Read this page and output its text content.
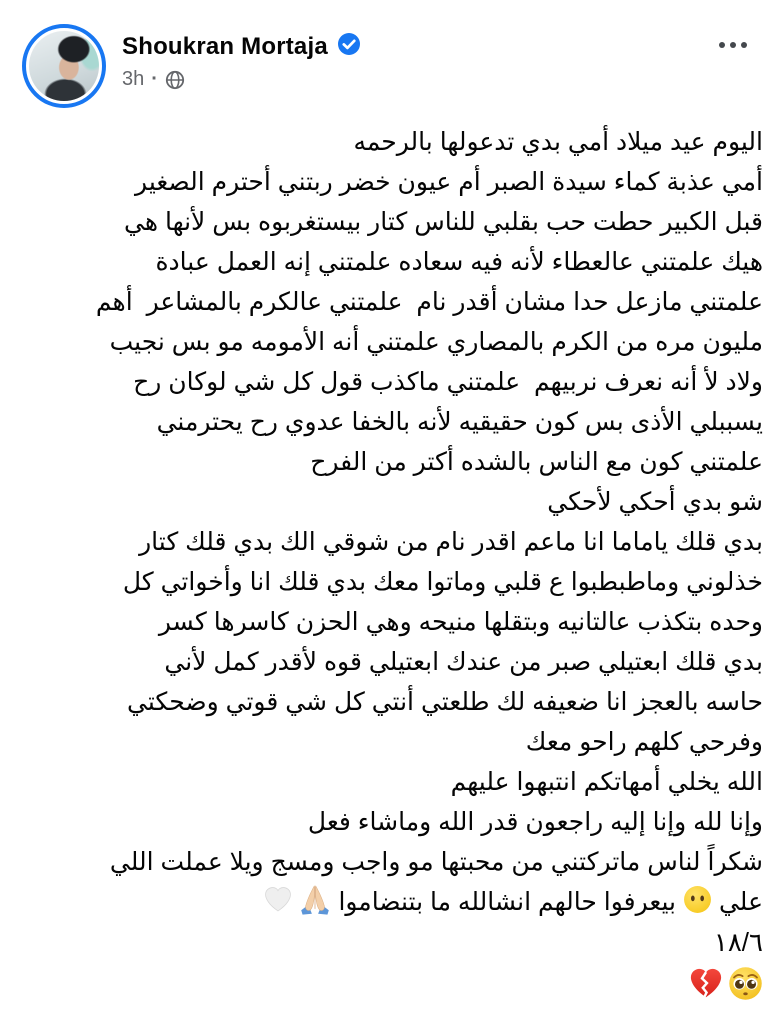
Shoukran Mortaja
3h ·
اليوم عيد ميلاد أمي بدي تدعولها بالرحمه
أمي عذبة كماء سيدة الصبر أم عيون خضر ربتني أحترم الصغير
قبل الكبير حطت حب بقلبي للناس كتار بيستغربوه بس لأنها هي
هيك علمتني عالعطاء لأنه فيه سعاده علمتني إنه العمل عبادة
علمتني مازعل حدا مشان أقدر نام  علمتني عالكرم بالمشاعر  أهم
مليون مره من الكرم بالمصاري علمتني أنه الأمومه مو بس نجيب
ولاد لأ أنه نعرف نربيهم  علمتني ماكذب قول كل شي لوكان رح
يسببلي الأذى بس كون حقيقيه لأنه بالخفا عدوي رح يحترمني
علمتني كون مع الناس بالشده أكتر من الفرح
شو بدي أحكي لأحكي
بدي قلك ياماما انا ماعم اقدر نام من شوقي الك بدي قلك كتار
خذلوني وماطبطبوا ع قلبي وماتوا معك بدي قلك انا وأخواتي كل
وحده بتكذب عالتانيه وبتقلها منيحه وهي الحزن كاسرها كسر
بدي قلك ابعتيلي صبر من عندك ابعتيلي قوه لأقدر كمل لأني
حاسه بالعجز انا ضعيفه لك طلعتي أنتي كل شي قوتي وضحكتي
وفرحي كلهم راحو معك
الله يخلي أمهاتكم انتبهوا عليهم
وإنا لله وإنا إليه راجعون قدر الله وماشاء فعل
شكراً لناس ماتركتني من محبتها مو واجب ومسج ويلا عملت اللي
علي
بيعرفوا حالهم انشالله ما بتنضاموا
١٨/٦
